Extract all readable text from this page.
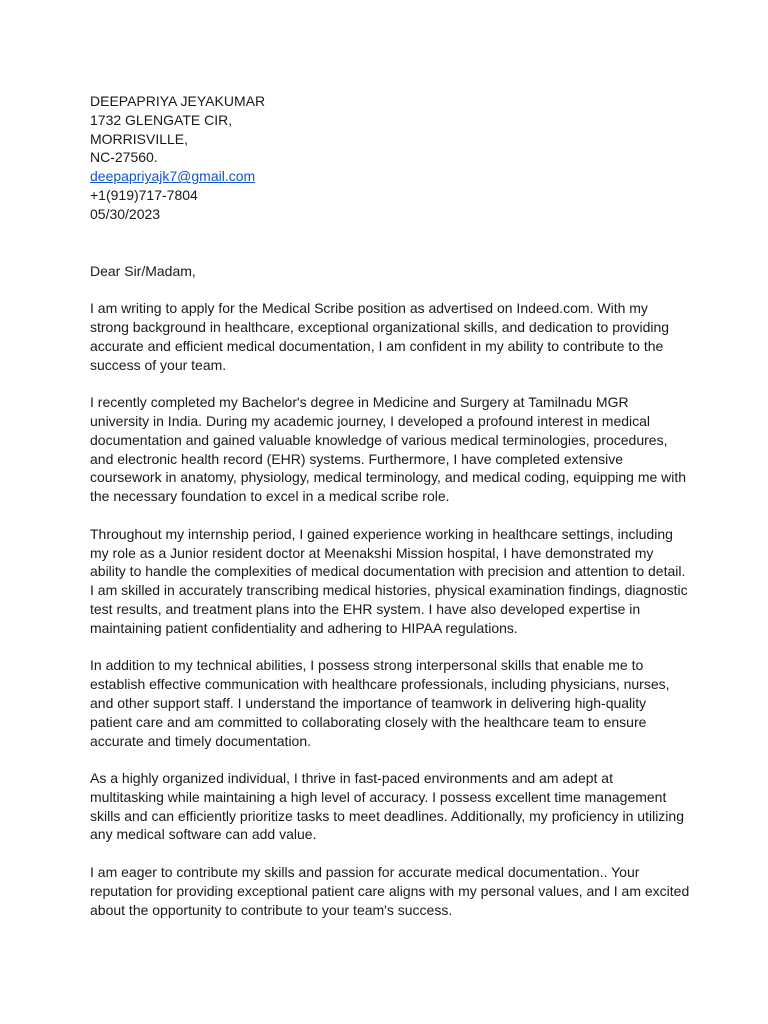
DEEPAPRIYA JEYAKUMAR
1732 GLENGATE CIR,
MORRISVILLE,
NC-27560.
deepapriyajk7@gmail.com
+1(919)717-7804
05/30/2023
Dear Sir/Madam,

I am writing to apply for the Medical Scribe position as advertised on Indeed.com. With my strong background in healthcare, exceptional organizational skills, and dedication to providing accurate and efficient medical documentation, I am confident in my ability to contribute to the success of your team.

I recently completed my Bachelor's degree in Medicine and Surgery at Tamilnadu MGR university in India. During my academic journey, I developed a profound interest in medical documentation and gained valuable knowledge of various medical terminologies, procedures, and electronic health record (EHR) systems. Furthermore, I have completed extensive coursework in anatomy, physiology, medical terminology, and medical coding, equipping me with the necessary foundation to excel in a medical scribe role.

Throughout my internship period, I gained experience working in healthcare settings, including my role as a Junior resident doctor at Meenakshi Mission hospital, I have demonstrated my ability to handle the complexities of medical documentation with precision and attention to detail. I am skilled in accurately transcribing medical histories, physical examination findings, diagnostic test results, and treatment plans into the EHR system. I have also developed expertise in maintaining patient confidentiality and adhering to HIPAA regulations.

In addition to my technical abilities, I possess strong interpersonal skills that enable me to establish effective communication with healthcare professionals, including physicians, nurses, and other support staff. I understand the importance of teamwork in delivering high-quality patient care and am committed to collaborating closely with the healthcare team to ensure accurate and timely documentation.

As a highly organized individual, I thrive in fast-paced environments and am adept at multitasking while maintaining a high level of accuracy. I possess excellent time management skills and can efficiently prioritize tasks to meet deadlines. Additionally, my proficiency in utilizing any medical software can add value.

I am eager to contribute my skills and passion for accurate medical documentation.. Your reputation for providing exceptional patient care aligns with my personal values, and I am excited about the opportunity to contribute to your team's success.
